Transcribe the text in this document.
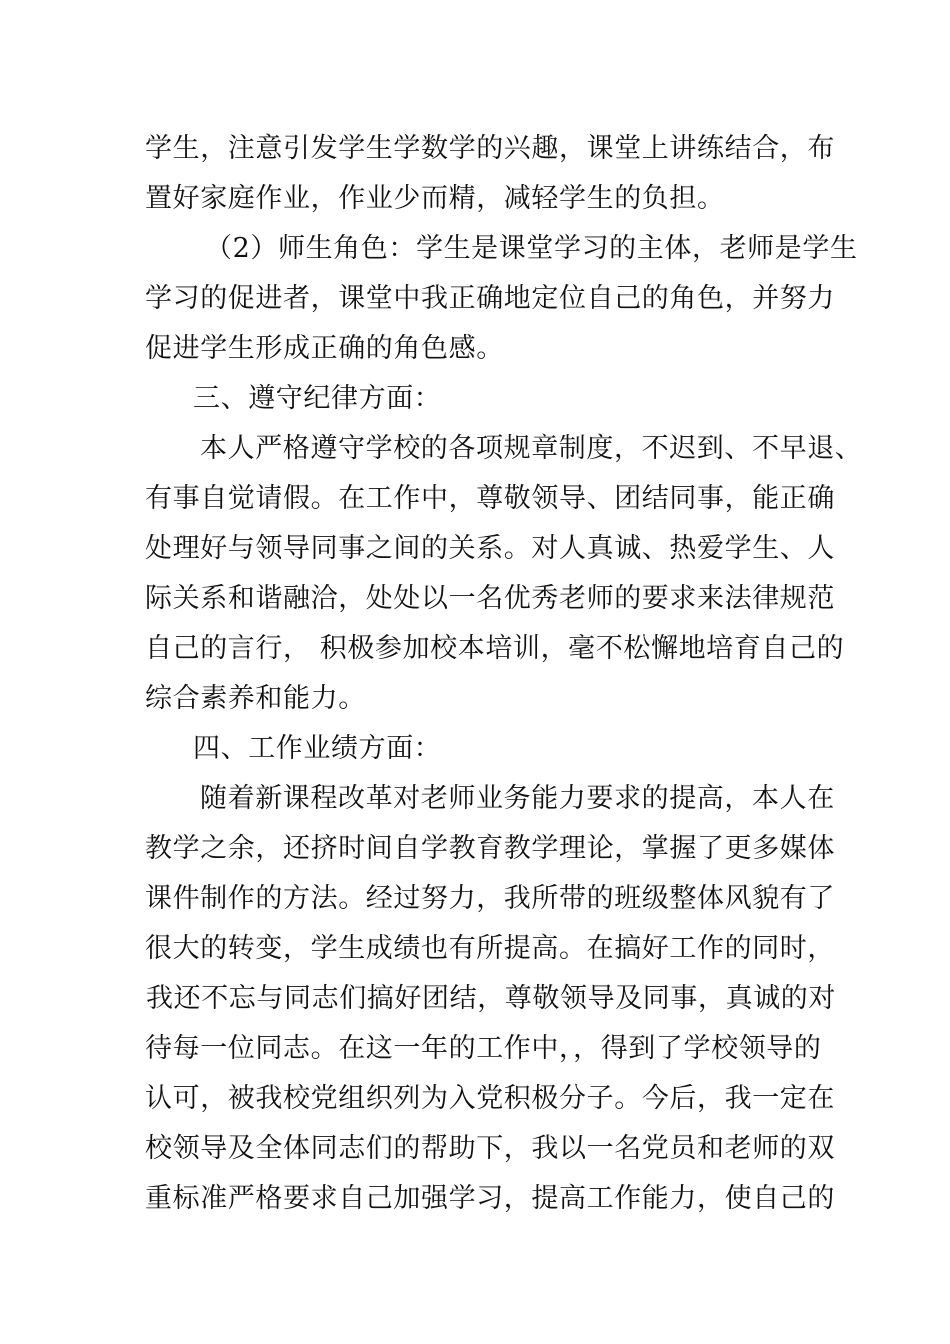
学生，注意引发学生学数学的兴趣，课堂上讲练结合，布
置好家庭作业，作业少而精，减轻学生的负担。
（2）师生角色：学生是课堂学习的主体，老师是学生
学习的促进者，课堂中我正确地定位自己的角色，并努力
促进学生形成正确的角色感。
三、遵守纪律方面：
本人严格遵守学校的各项规章制度，不迟到、不早退、
有事自觉请假。在工作中，尊敬领导、团结同事，能正确
处理好与领导同事之间的关系。对人真诚、热爱学生、人
际关系和谐融洽，处处以一名优秀老师的要求来法律规范
自己的言行， 积极参加校本培训，毫不松懈地培育自己的
综合素养和能力。
四、工作业绩方面：
随着新课程改革对老师业务能力要求的提高，本人在
教学之余，还挤时间自学教育教学理论，掌握了更多媒体
课件制作的方法。经过努力，我所带的班级整体风貌有了
很大的转变，学生成绩也有所提高。在搞好工作的同时，
我还不忘与同志们搞好团结，尊敬领导及同事，真诚的对
待每一位同志。在这一年的工作中，，得到了学校领导的
认可，被我校党组织列为入党积极分子。今后，我一定在
校领导及全体同志们的帮助下，我以一名党员和老师的双
重标准严格要求自己加强学习，提高工作能力，使自己的
